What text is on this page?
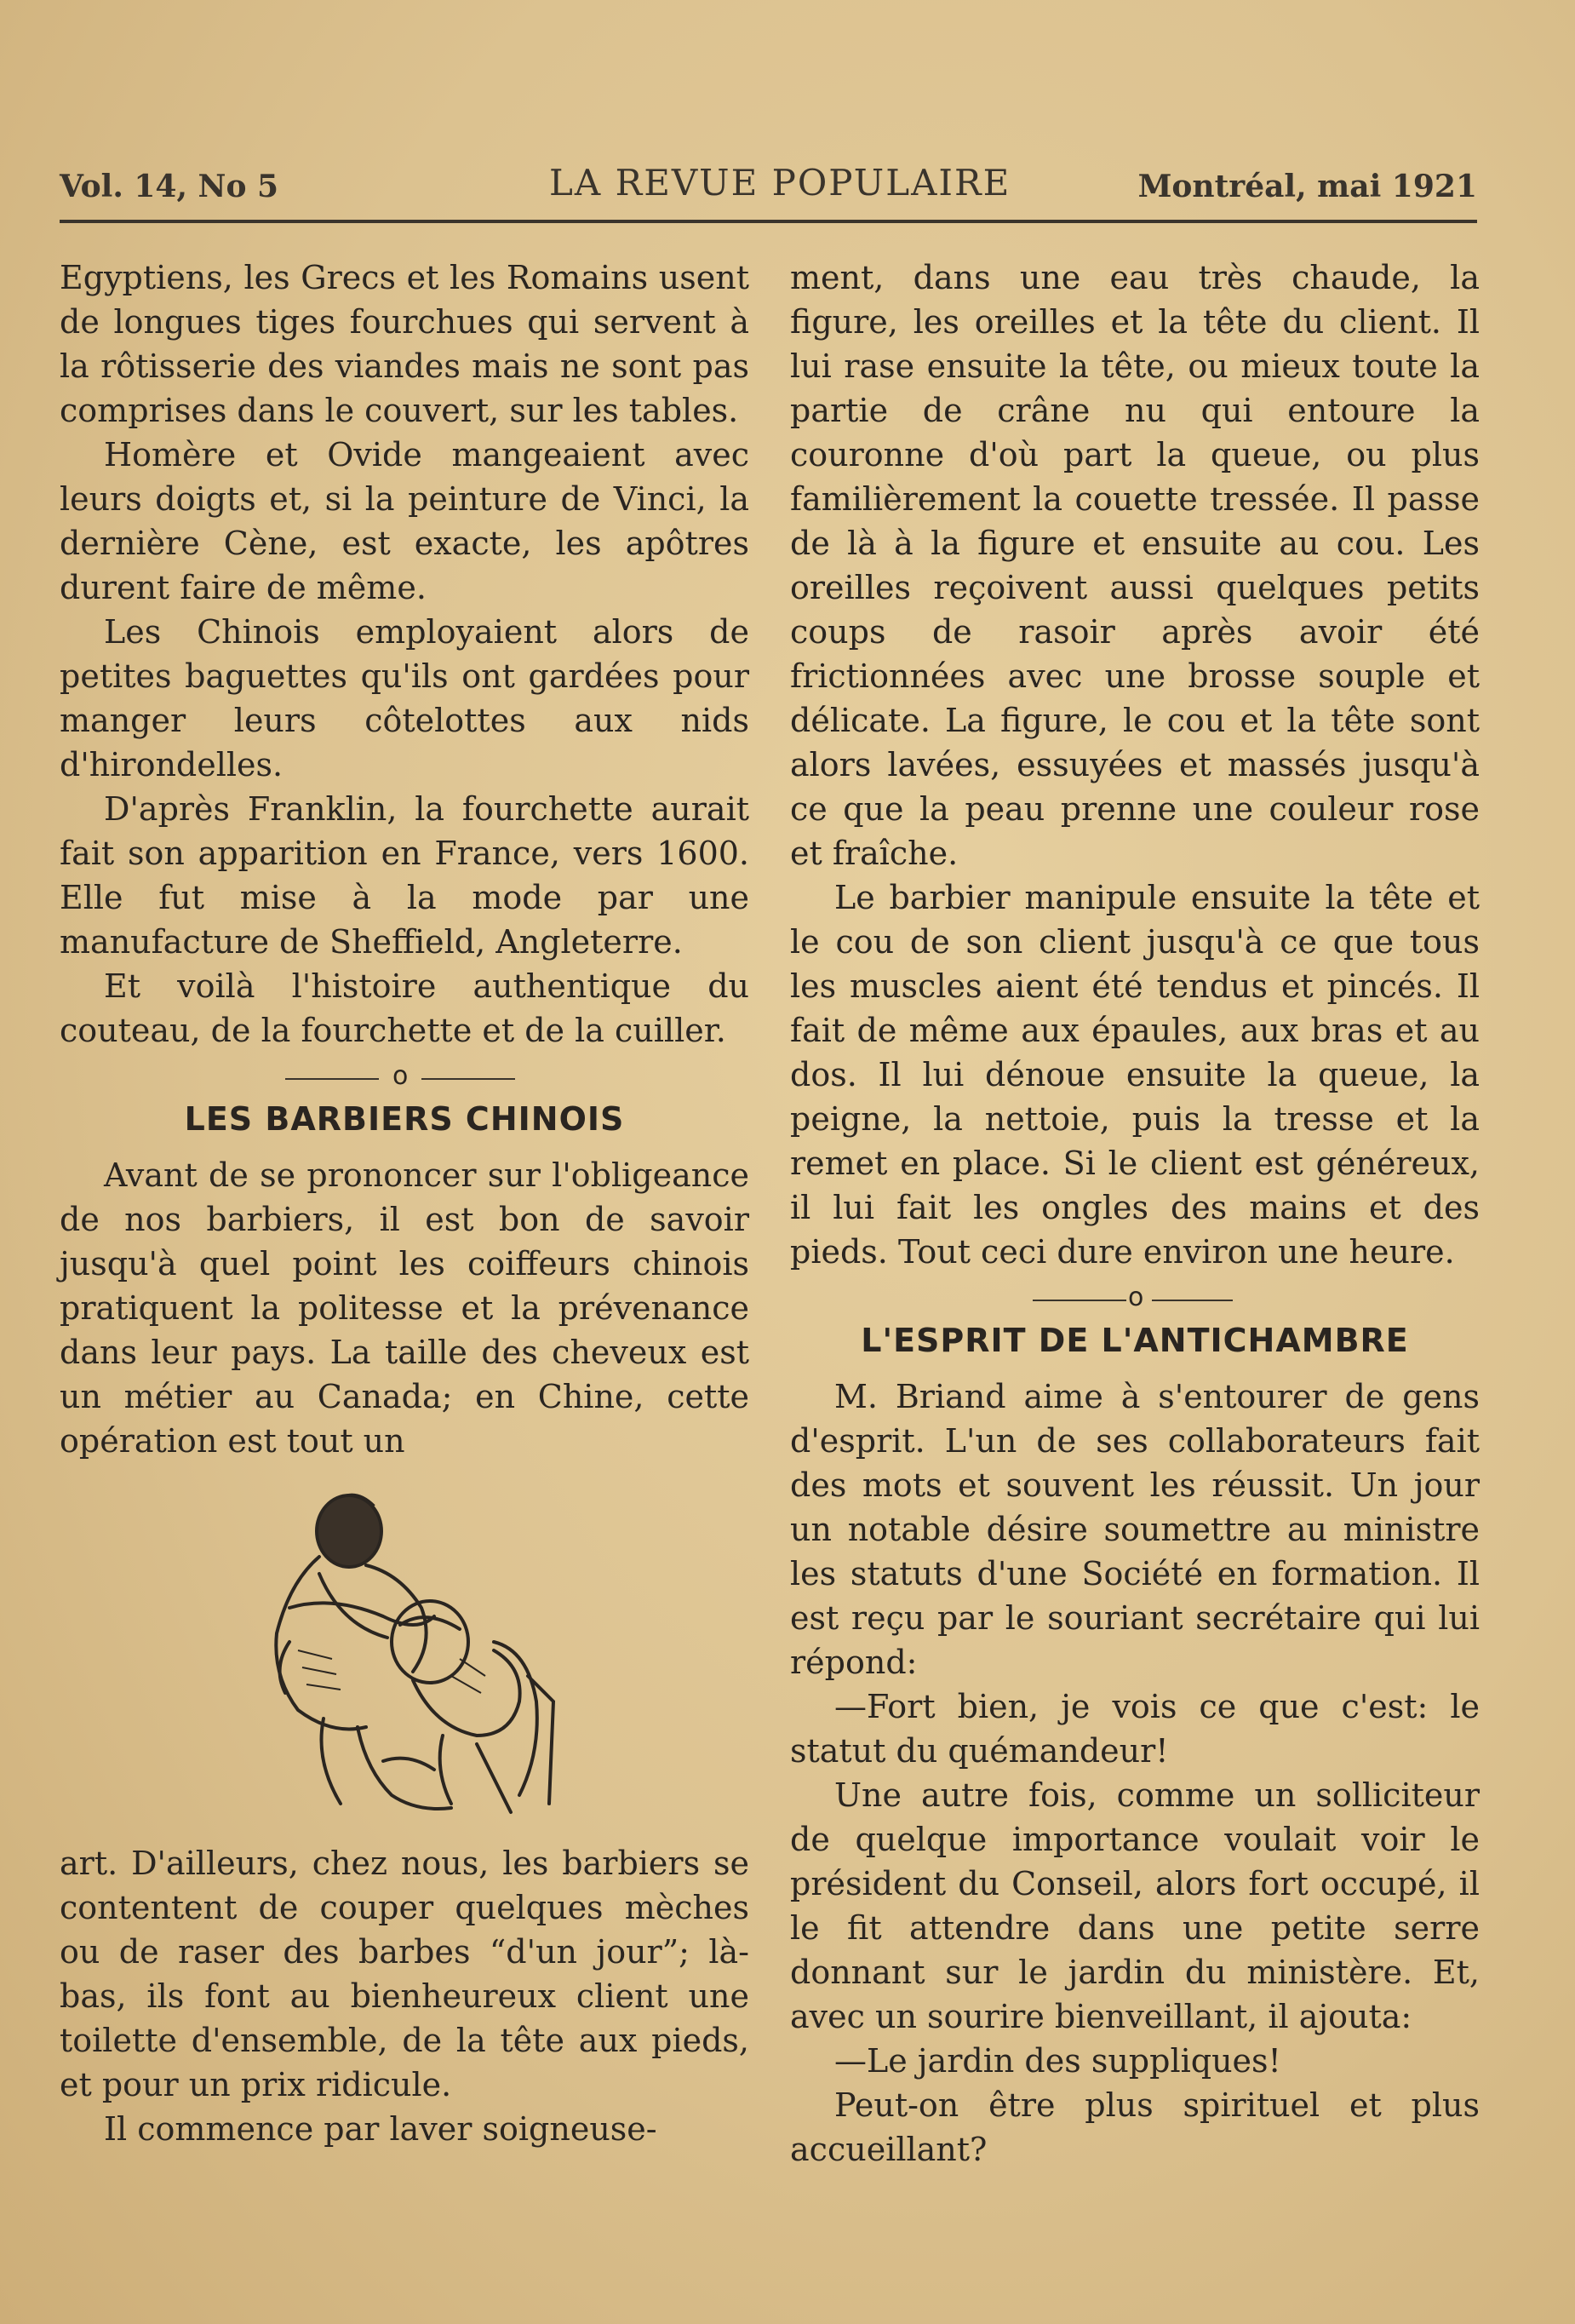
Vol. 14, No 5	LA REVUE POPULAIRE	Montréal, mai 1921

Egyptiens, les Grecs et les Romains usent de longues tiges fourchues qui servent à la rôtisserie des viandes mais ne sont pas comprises dans le couvert, sur les tables.

Homère et Ovide mangeaient avec leurs doigts et, si la peinture de Vinci, la dernière Cène, est exacte, les apôtres durent faire de même.

Les Chinois employaient alors de petites baguettes qu'ils ont gardées pour manger leurs côtelottes aux nids d'hirondelles.

D'après Franklin, la fourchette aurait fait son apparition en France, vers 1600. Elle fut mise à la mode par une manufacture de Sheffield, Angleterre.

Et voilà l'histoire authentique du couteau, de la fourchette et de la cuiller.

o
LES BARBIERS CHINOIS

Avant de se prononcer sur l'obligeance de nos barbiers, il est bon de savoir jusqu'à quel point les coiffeurs chinois pratiquent la politesse et la prévenance dans leur pays. La taille des cheveux est un métier au Canada; en Chine, cette opération est tout un

art. D'ailleurs, chez nous, les barbiers se contentent de couper quelques mèches ou de raser des barbes “d'un jour”; là-bas, ils font au bienheureux client une toilette d'ensemble, de la tête aux pieds, et pour un prix ridicule.

Il commence par laver soigneuse-

ment, dans une eau très chaude, la figure, les oreilles et la tête du client. Il lui rase ensuite la tête, ou mieux toute la partie de crâne nu qui entoure la couronne d'où part la queue, ou plus familièrement la couette tressée. Il passe de là à la figure et ensuite au cou. Les oreilles reçoivent aussi quelques petits coups de rasoir après avoir été frictionnées avec une brosse souple et délicate. La figure, le cou et la tête sont alors lavées, essuyées et massés jusqu'à ce que la peau prenne une couleur rose et fraîche.

Le barbier manipule ensuite la tête et le cou de son client jusqu'à ce que tous les muscles aient été tendus et pincés. Il fait de même aux épaules, aux bras et au dos. Il lui dénoue ensuite la queue, la peigne, la nettoie, puis la tresse et la remet en place. Si le client est généreux, il lui fait les ongles des mains et des pieds. Tout ceci dure environ une heure.

o
L'ESPRIT DE L'ANTICHAMBRE

M. Briand aime à s'entourer de gens d'esprit. L'un de ses collaborateurs fait des mots et souvent les réussit. Un jour un notable désire soumettre au ministre les statuts d'une Société en formation. Il est reçu par le souriant secrétaire qui lui répond:

—Fort bien, je vois ce que c'est: le statut du quémandeur!

Une autre fois, comme un solliciteur de quelque importance voulait voir le président du Conseil, alors fort occupé, il le fit attendre dans une petite serre donnant sur le jardin du ministère. Et, avec un sourire bienveillant, il ajouta:

—Le jardin des suppliques!

Peut-on être plus spirituel et plus accueillant?
